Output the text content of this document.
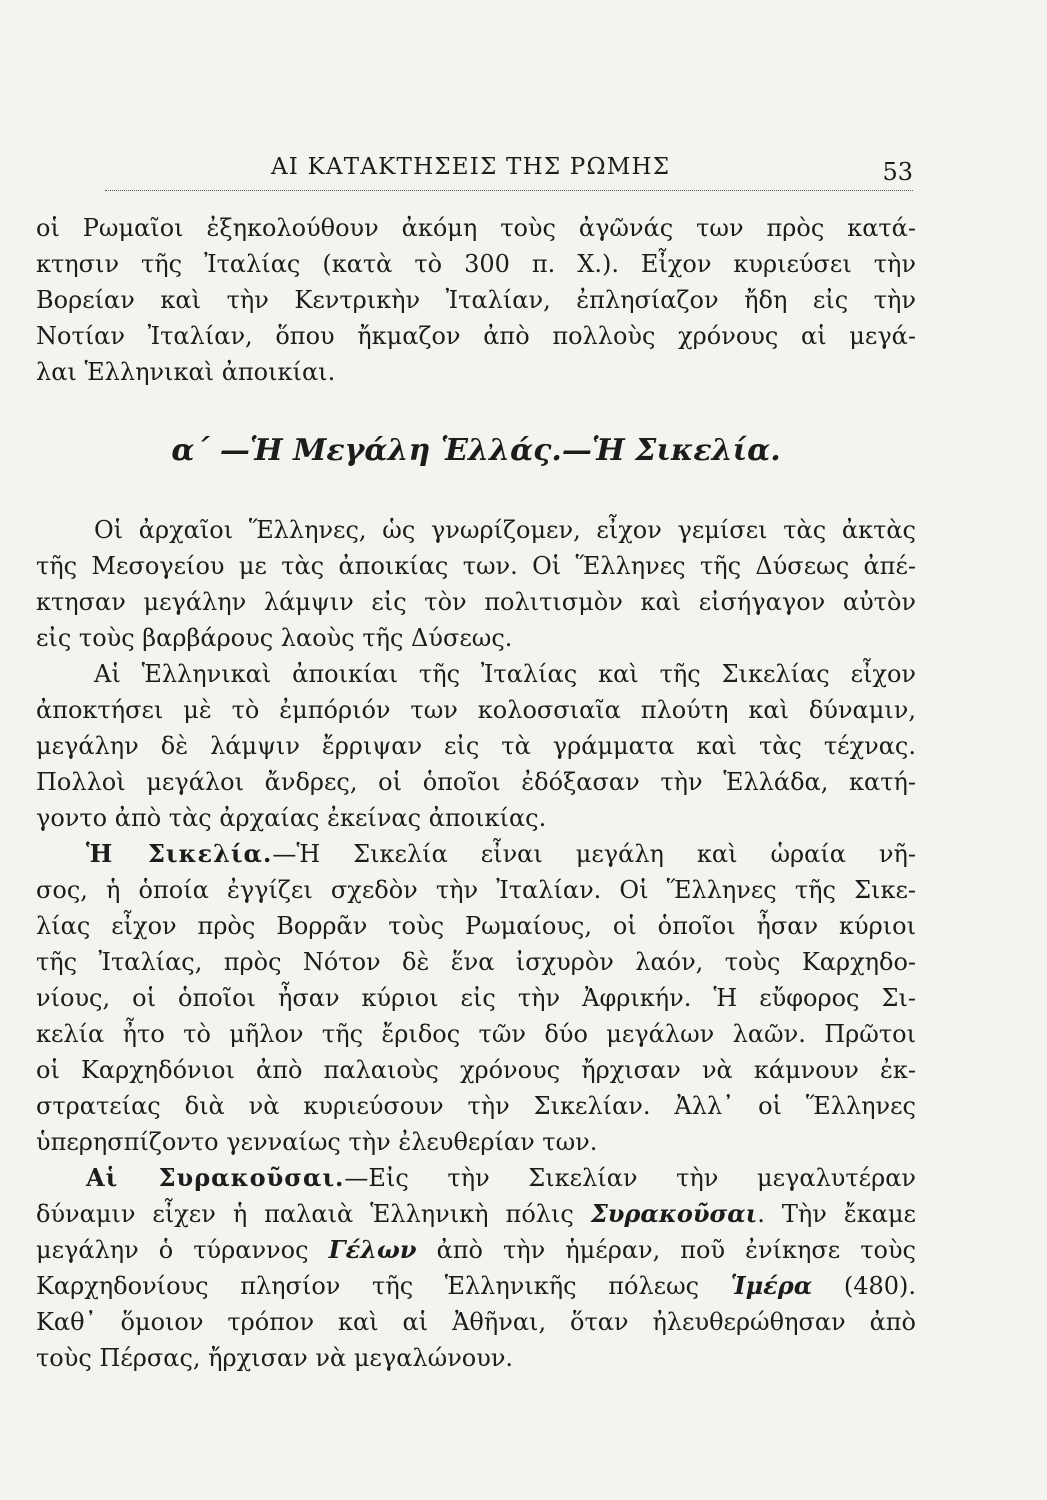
ΑΙ ΚΑΤΑΚΤΗΣΕΙΣ ΤΗΣ ΡΩΜΗΣ	53
οἱ Ρωμαῖοι ἐξηκολούθουν ἀκόμη τοὺς ἀγῶνάς των πρὸς κατά-
κτησιν τῆς Ἰταλίας (κατὰ τὸ 300 π. Χ.). Εἶχον κυριεύσει τὴν
Βορείαν καὶ τὴν Κεντρικὴν Ἰταλίαν, ἐπλησίαζον ἤδη εἰς τὴν
Νοτίαν Ἰταλίαν, ὅπου ἤκμαζον ἀπὸ πολλοὺς χρόνους αἱ μεγά-
λαι Ἑλληνικαὶ ἀποικίαι.
α΄ —Ἡ Μεγάλη Ἑλλάς.—Ἡ Σικελία.
Οἱ ἀρχαῖοι Ἕλληνες, ὡς γνωρίζομεν, εἶχον γεμίσει τὰς ἀκτὰς
τῆς Μεσογείου με τὰς ἀποικίας των. Οἱ Ἕλληνες τῆς Δύσεως ἀπέ-
κτησαν μεγάλην λάμψιν εἰς τὸν πολιτισμὸν καὶ εἰσήγαγον αὐτὸν
εἰς τοὺς βαρβάρους λαοὺς τῆς Δύσεως.
Αἱ Ἑλληνικαὶ ἀποικίαι τῆς Ἰταλίας καὶ τῆς Σικελίας εἶχον
ἀποκτήσει μὲ τὸ ἐμπόριόν των κολοσσιαῖα πλούτη καὶ δύναμιν,
μεγάλην δὲ λάμψιν ἔρριψαν εἰς τὰ γράμματα καὶ τὰς τέχνας.
Πολλοὶ μεγάλοι ἄνδρες, οἱ ὁποῖοι ἐδόξασαν τὴν Ἑλλάδα, κατή-
γοντο ἀπὸ τὰς ἀρχαίας ἐκείνας ἀποικίας.
Ἡ Σικελία.—Ἡ Σικελία εἶναι μεγάλη καὶ ὡραία νῆ-
σος, ἡ ὁποία ἐγγίζει σχεδὸν τὴν Ἰταλίαν. Οἱ Ἕλληνες τῆς Σικε-
λίας εἶχον πρὸς Βορρᾶν τοὺς Ρωμαίους, οἱ ὁποῖοι ἦσαν κύριοι
τῆς Ἰταλίας, πρὸς Νότον δὲ ἕνα ἰσχυρὸν λαόν, τοὺς Καρχηδο-
νίους, οἱ ὁποῖοι ἦσαν κύριοι εἰς τὴν Ἀφρικήν. Ἡ εὔφορος Σι-
κελία ἦτο τὸ μῆλον τῆς ἔριδος τῶν δύο μεγάλων λαῶν. Πρῶτοι
οἱ Καρχηδόνιοι ἀπὸ παλαιοὺς χρόνους ἤρχισαν νὰ κάμνουν ἐκ-
στρατείας διὰ νὰ κυριεύσουν τὴν Σικελίαν. Ἀλλ᾽ οἱ Ἕλληνες
ὑπερησπίζοντο γενναίως τὴν ἐλευθερίαν των.
Αἱ Συρακοῦσαι.—Εἰς τὴν Σικελίαν τὴν μεγαλυτέραν
δύναμιν εἶχεν ἡ παλαιὰ Ἑλληνικὴ πόλις Συρακοῦσαι. Τὴν ἔκαμε
μεγάλην ὁ τύραννος Γέλων ἀπὸ τὴν ἡμέραν, ποῦ ἐνίκησε τοὺς
Καρχηδονίους πλησίον τῆς Ἑλληνικῆς πόλεως Ἱμέρα (480).
Καθ᾽ ὅμοιον τρόπον καὶ αἱ Ἀθῆναι, ὅταν ἠλευθερώθησαν ἀπὸ
τοὺς Πέρσας, ἤρχισαν νὰ μεγαλώνουν.
